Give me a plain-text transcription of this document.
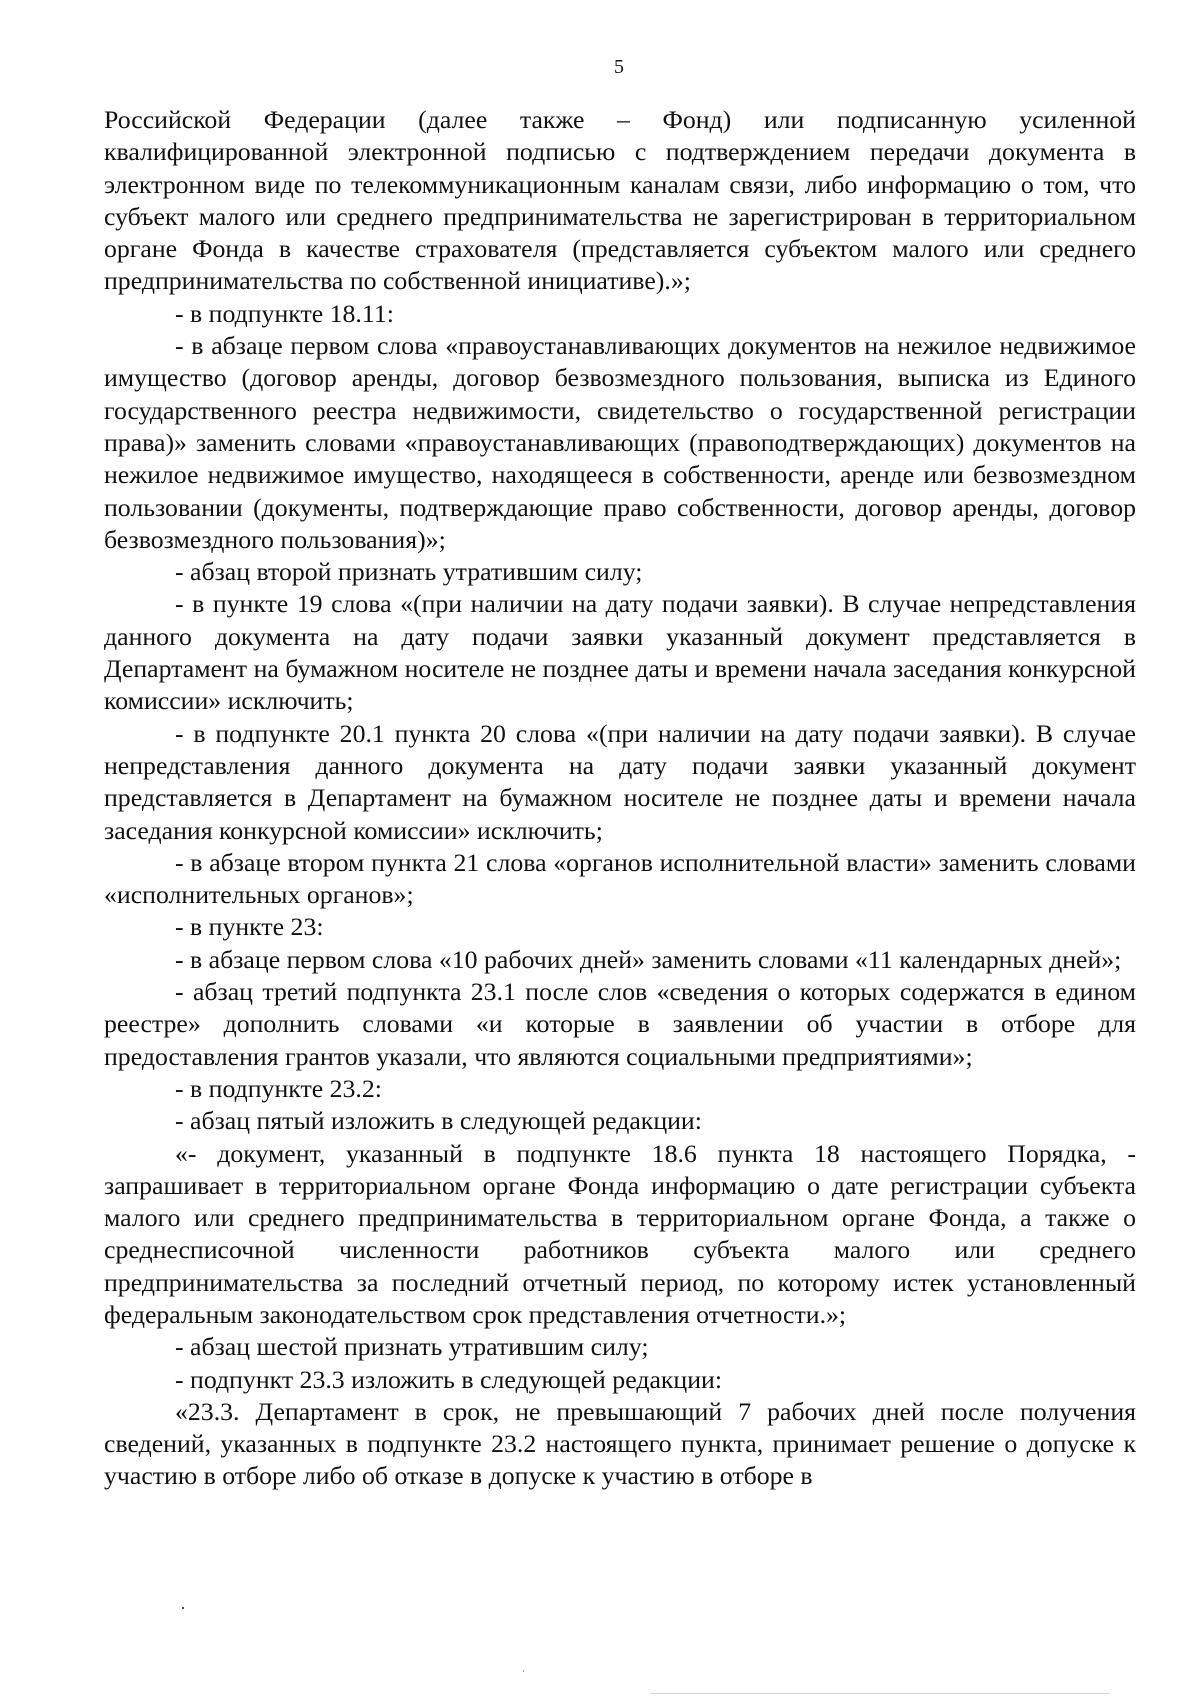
5

Российской Федерации (далее также – Фонд) или подписанную усиленной квалифицированной электронной подписью с подтверждением передачи документа в электронном виде по телекоммуникационным каналам связи, либо информацию о том, что субъект малого или среднего предпринимательства не зарегистрирован в территориальном органе Фонда в качестве страхователя (представляется субъектом малого или среднего предпринимательства по собственной инициативе).»;

- в подпункте 18.11:

- в абзаце первом слова «правоустанавливающих документов на нежилое недвижимое имущество (договор аренды, договор безвозмездного пользования, выписка из Единого государственного реестра недвижимости, свидетельство о государственной регистрации права)» заменить словами «правоустанавливающих (правоподтверждающих) документов на нежилое недвижимое имущество, находящееся в собственности, аренде или безвозмездном пользовании (документы, подтверждающие право собственности, договор аренды, договор безвозмездного пользования)»;

- абзац второй признать утратившим силу;

- в пункте 19 слова «(при наличии на дату подачи заявки). В случае непредставления данного документа на дату подачи заявки указанный документ представляется в Департамент на бумажном носителе не позднее даты и времени начала заседания конкурсной комиссии» исключить;

- в подпункте 20.1 пункта 20 слова «(при наличии на дату подачи заявки). В случае непредставления данного документа на дату подачи заявки указанный документ представляется в Департамент на бумажном носителе не позднее даты и времени начала заседания конкурсной комиссии» исключить;

- в абзаце втором пункта 21 слова «органов исполнительной власти» заменить словами «исполнительных органов»;

- в пункте 23:

- в абзаце первом слова «10 рабочих дней» заменить словами «11 календарных дней»;

- абзац третий подпункта 23.1 после слов «сведения о которых содержатся в едином реестре» дополнить словами «и которые в заявлении об участии в отборе для предоставления грантов указали, что являются социальными предприятиями»;

- в подпункте 23.2:

- абзац пятый изложить в следующей редакции:

«- документ, указанный в подпункте 18.6 пункта 18 настоящего Порядка, - запрашивает в территориальном органе Фонда информацию о дате регистрации субъекта малого или среднего предпринимательства в территориальном органе Фонда, а также о среднесписочной численности работников субъекта малого или среднего предпринимательства за последний отчетный период, по которому истек установленный федеральным законодательством срок представления отчетности.»;

- абзац шестой признать утратившим силу;

- подпункт 23.3 изложить в следующей редакции:

«23.3. Департамент в срок, не превышающий 7 рабочих дней после получения сведений, указанных в подпункте 23.2 настоящего пункта, принимает решение о допуске к участию в отборе либо об отказе в допуске к участию в отборе в
